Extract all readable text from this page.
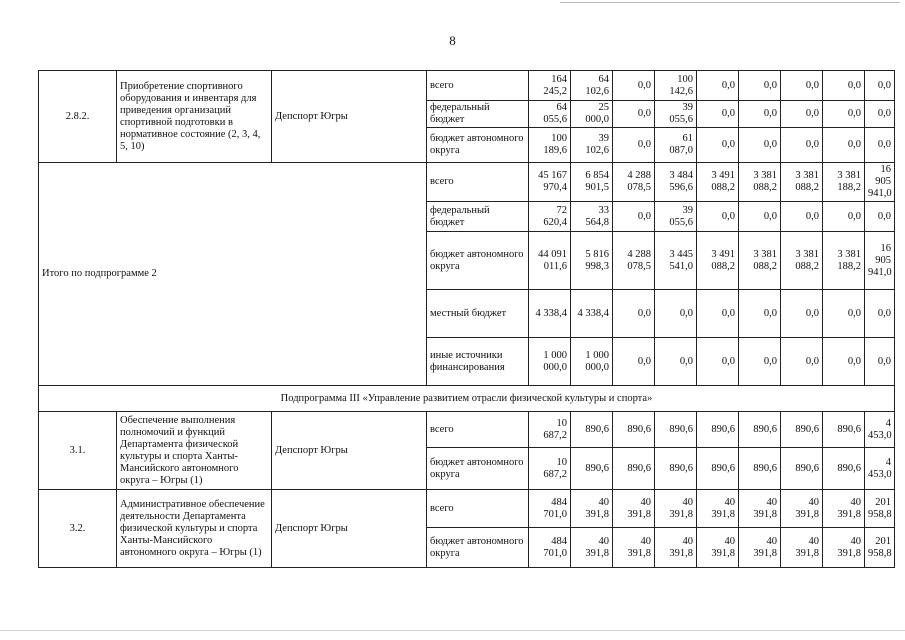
8
2.8.2.	Приобретение спортивного оборудования и инвентаря для приведения организаций спортивной подготовки в нормативное состояние (2, 3, 4, 5, 10)	Депспорт Югры	всего	164 245,2	64 102,6	0,0	100 142,6	0,0	0,0	0,0	0,0	0,0
			федеральный бюджет	64 055,6	25 000,0	0,0	39 055,6	0,0	0,0	0,0	0,0	0,0
			бюджет автономного округа	100 189,6	39 102,6	0,0	61 087,0	0,0	0,0	0,0	0,0	0,0
Итого по подпрограмме 2			всего	45 167 970,4	6 854 901,5	4 288 078,5	3 484 596,6	3 491 088,2	3 381 088,2	3 381 088,2	3 381 188,2	16 905 941,0
			федеральный бюджет	72 620,4	33 564,8	0,0	39 055,6	0,0	0,0	0,0	0,0	0,0
			бюджет автономного округа	44 091 011,6	5 816 998,3	4 288 078,5	3 445 541,0	3 491 088,2	3 381 088,2	3 381 088,2	3 381 188,2	16 905 941,0
			местный бюджет	4 338,4	4 338,4	0,0	0,0	0,0	0,0	0,0	0,0	0,0
			иные источники финансирования	1 000 000,0	1 000 000,0	0,0	0,0	0,0	0,0	0,0	0,0	0,0
Подпрограмма III «Управление развитием отрасли физической культуры и спорта»												
3.1.	Обеспечение выполнения полномочий и функций Департамента физической культуры и спорта Ханты-Мансийского автономного округа – Югры (1)	Депспорт Югры	всего	10 687,2	890,6	890,6	890,6	890,6	890,6	890,6	890,6	4 453,0
			бюджет автономного округа	10 687,2	890,6	890,6	890,6	890,6	890,6	890,6	890,6	4 453,0
3.2.	Административное обеспечение деятельности Департамента физической культуры и спорта Ханты-Мансийского автономного округа – Югры (1)	Депспорт Югры	всего	484 701,0	40 391,8	40 391,8	40 391,8	40 391,8	40 391,8	40 391,8	40 391,8	201 958,8
			бюджет автономного округа	484 701,0	40 391,8	40 391,8	40 391,8	40 391,8	40 391,8	40 391,8	40 391,8	201 958,8
